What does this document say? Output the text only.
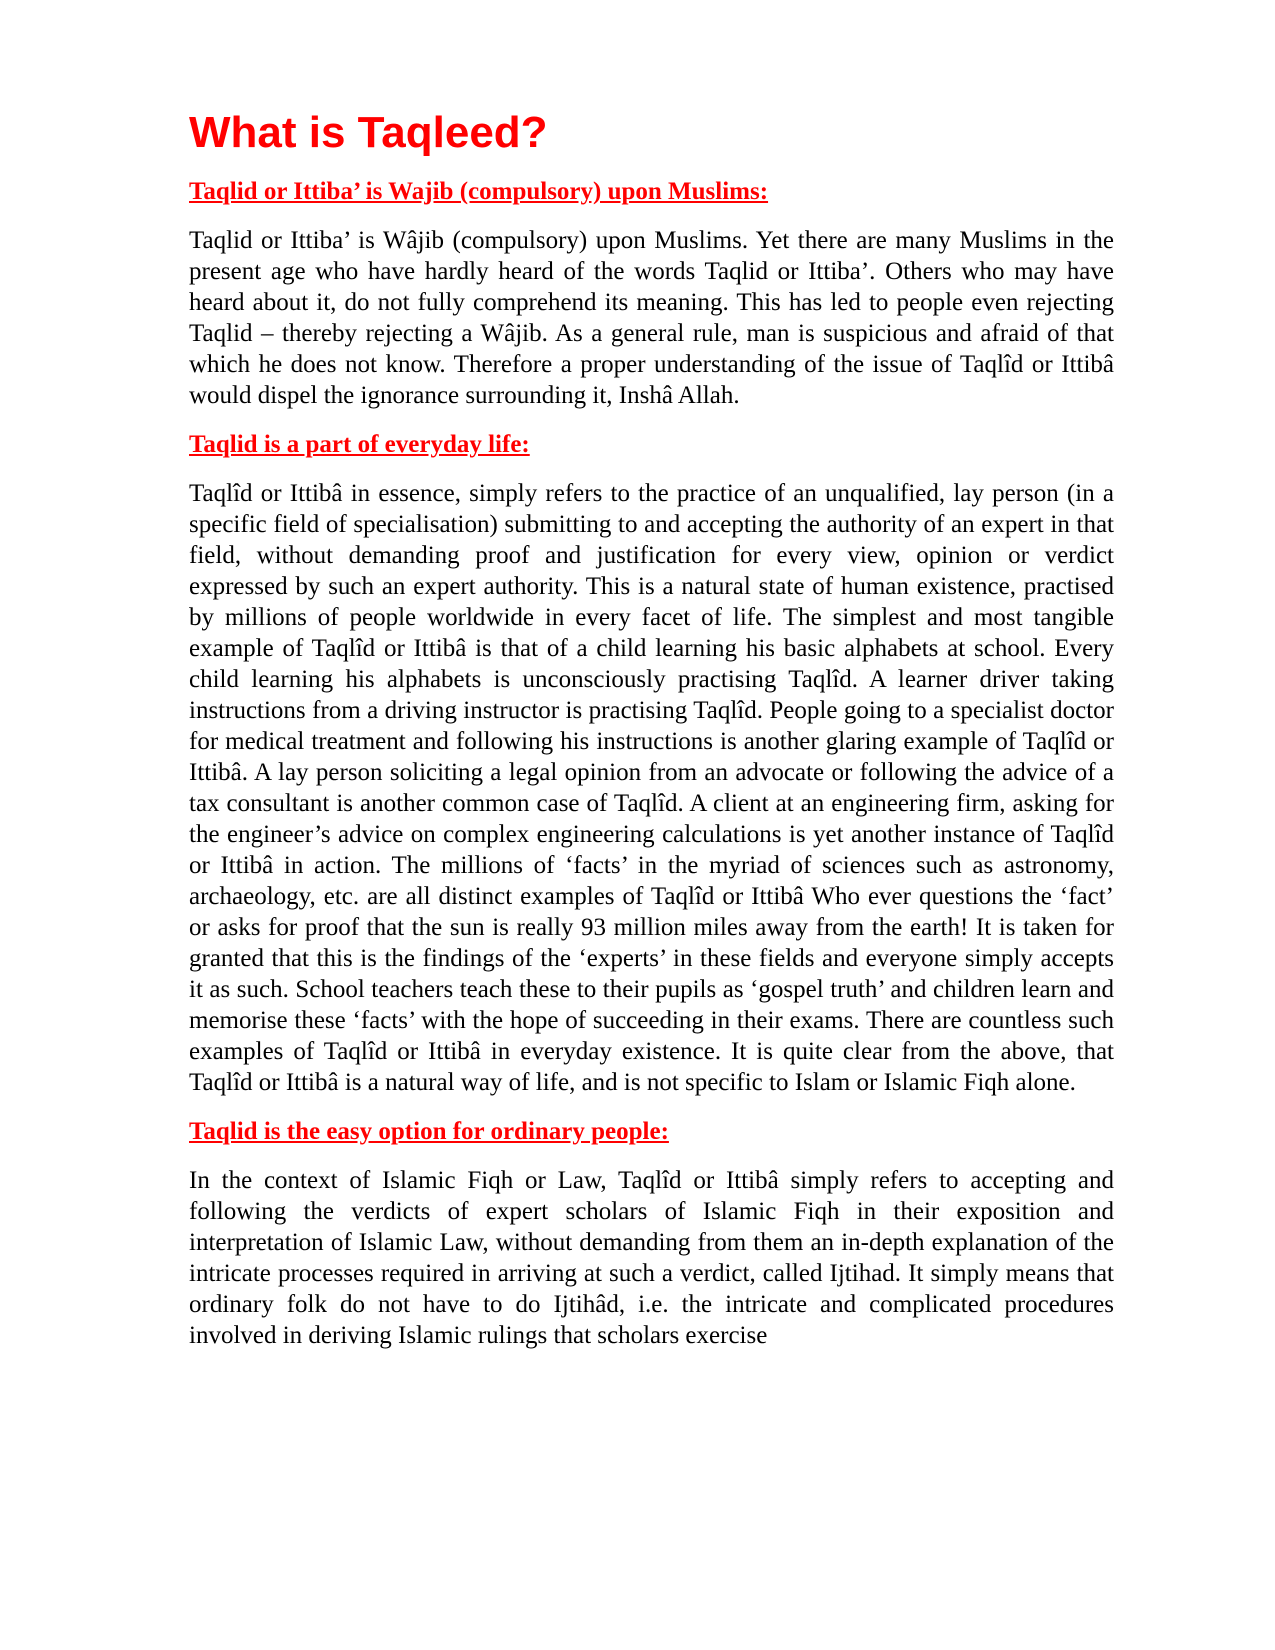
What is Taqleed?
Taqlid or Ittiba’ is Wajib (compulsory) upon Muslims:

Taqlid or Ittiba’ is Wâjib (compulsory) upon Muslims. Yet there are many Muslims in the present age who have hardly heard of the words Taqlid or Ittiba’. Others who may have heard about it, do not fully comprehend its meaning. This has led to people even rejecting Taqlid – thereby rejecting a Wâjib. As a general rule, man is suspicious and afraid of that which he does not know. Therefore a proper understanding of the issue of Taqlîd or Ittibâ would dispel the ignorance surrounding it, Inshâ Allah.

Taqlid is a part of everyday life:

Taqlîd or Ittibâ in essence, simply refers to the practice of an unqualified, lay person (in a specific field of specialisation) submitting to and accepting the authority of an expert in that field, without demanding proof and justification for every view, opinion or verdict expressed by such an expert authority. This is a natural state of human existence, practised by millions of people worldwide in every facet of life. The simplest and most tangible example of Taqlîd or Ittibâ is that of a child learning his basic alphabets at school. Every child learning his alphabets is unconsciously practising Taqlîd. A learner driver taking instructions from a driving instructor is practising Taqlîd. People going to a specialist doctor for medical treatment and following his instructions is another glaring example of Taqlîd or Ittibâ. A lay person soliciting a legal opinion from an advocate or following the advice of a tax consultant is another common case of Taqlîd. A client at an engineering firm, asking for the engineer’s advice on complex engineering calculations is yet another instance of Taqlîd or Ittibâ in action. The millions of ‘facts’ in the myriad of sciences such as astronomy, archaeology, etc. are all distinct examples of Taqlîd or Ittibâ Who ever questions the ‘fact’ or asks for proof that the sun is really 93 million miles away from the earth! It is taken for granted that this is the findings of the ‘experts’ in these fields and everyone simply accepts it as such. School teachers teach these to their pupils as ‘gospel truth’ and children learn and memorise these ‘facts’ with the hope of succeeding in their exams. There are countless such examples of Taqlîd or Ittibâ in everyday existence. It is quite clear from the above, that Taqlîd or Ittibâ is a natural way of life, and is not specific to Islam or Islamic Fiqh alone.

Taqlid is the easy option for ordinary people:

In the context of Islamic Fiqh or Law, Taqlîd or Ittibâ simply refers to accepting and following the verdicts of expert scholars of Islamic Fiqh in their exposition and interpretation of Islamic Law, without demanding from them an in-depth explanation of the intricate processes required in arriving at such a verdict, called Ijtihad. It simply means that ordinary folk do not have to do Ijtihâd, i.e. the intricate and complicated procedures involved in deriving Islamic rulings that scholars exercise
